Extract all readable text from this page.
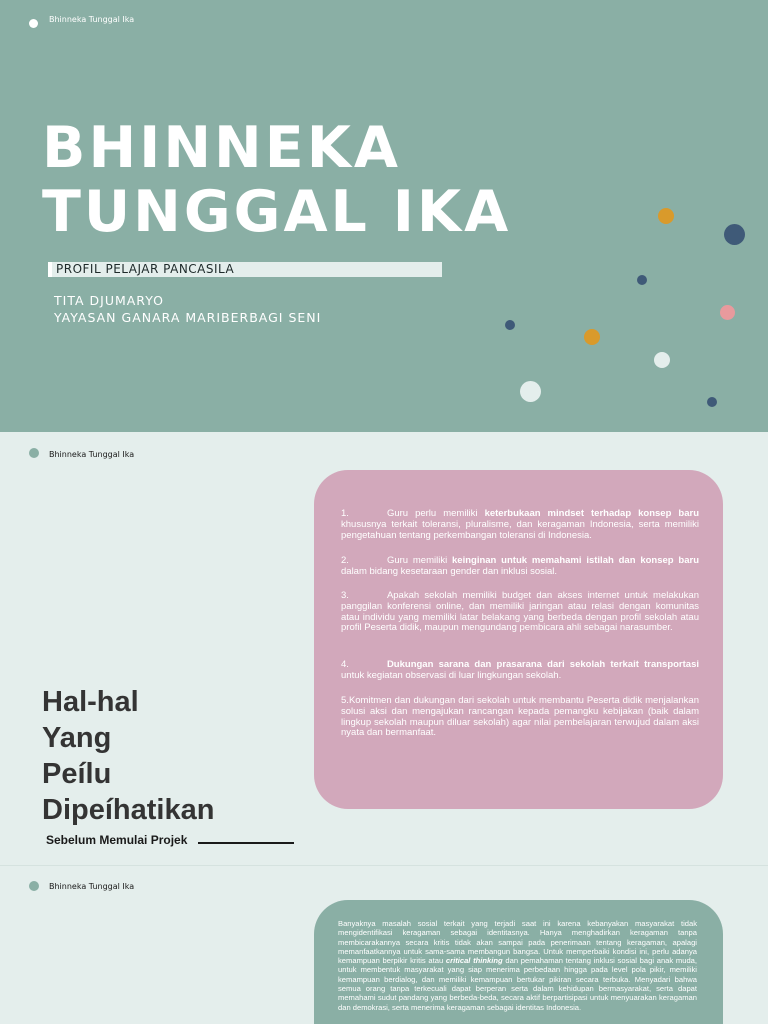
Bhinneka Tunggal Ika
BHINNEKA
TUNGGAL IKA
PROFIL PELAJAR PANCASILA
TITA DJUMARYO
YAYASAN GANARA MARIBERBAGI SENI
Bhinneka Tunggal Ika
1.	Guru perlu memiliki keterbukaan mindset terhadap konsep baru khususnya terkait toleransi, pluralisme, dan keragaman Indonesia, serta memiliki pengetahuan tentang perkembangan toleransi di Indonesia.
2.	Guru memiliki keinginan untuk memahami istilah dan konsep baru dalam bidang kesetaraan gender dan inklusi sosial.
3.	Apakah sekolah memiliki budget dan akses internet untuk melakukan panggilan konferensi online, dan memiliki jaringan atau relasi dengan komunitas atau individu yang memiliki latar belakang yang berbeda dengan profil sekolah atau profil Peserta didik, maupun mengundang pembicara ahli sebagai narasumber.
4.	Dukungan sarana dan prasarana dari sekolah terkait transportasi untuk kegiatan observasi di luar lingkungan sekolah.
5.Komitmen dan dukungan dari sekolah untuk membantu Peserta didik menjalankan solusi aksi dan mengajukan rancangan kepada pemangku kebijakan (baik dalam lingkup sekolah maupun diluar sekolah) agar nilai pembelajaran terwujud dalam aksi nyata dan bermanfaat.
Hal-hal
Yang
Peílu
Dipeíhatikan
Sebelum Memulai Projek
Bhinneka Tunggal Ika
Banyaknya masalah sosial terkait yang terjadi saat ini karena kebanyakan masyarakat tidak mengidentifikasi keragaman sebagai identitasnya. Hanya menghadirkan keragaman tanpa membicarakannya secara kritis tidak akan sampai pada penerimaan tentang keragaman, apalagi memanfaatkannya untuk sama-sama membangun bangsa. Untuk memperbaiki kondisi ini, perlu adanya kemampuan berpikir kritis atau critical thinking dan pemahaman tentang inklusi sosial bagi anak muda, untuk membentuk masyarakat yang siap menerima perbedaan hingga pada level pola pikir, memiliki kemampuan berdialog, dan memiliki kemampuan bertukar pikiran secara terbuka. Menyadari bahwa semua orang tanpa terkecuali dapat berperan serta dalam kehidupan bermasyarakat, serta dapat memahami sudut pandang yang berbeda-beda, secara aktif berpartisipasi untuk menyuarakan keragaman dan demokrasi, serta menerima keragaman sebagai identitas Indonesia.
